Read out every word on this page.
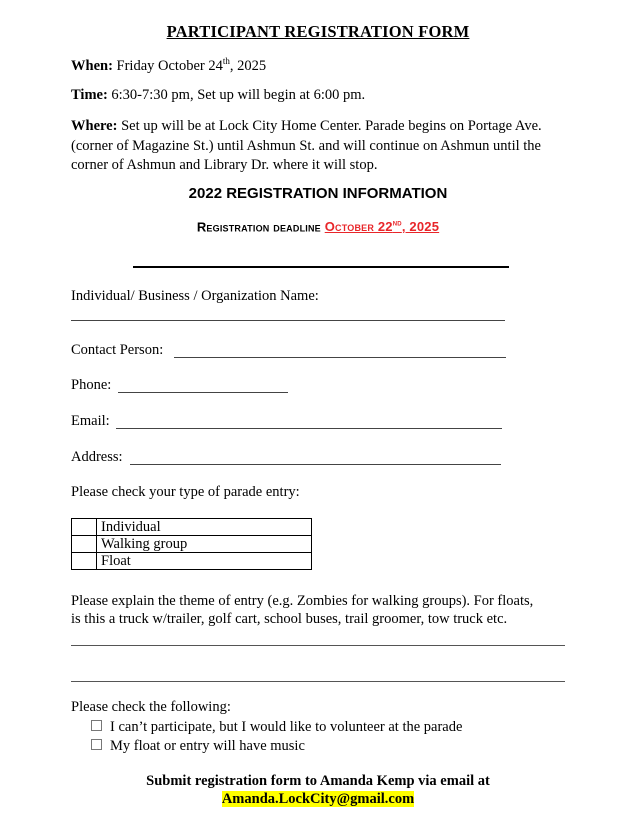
PARTICIPANT REGISTRATION FORM
When: Friday October 24th, 2025
Time: 6:30-7:30 pm, Set up will begin at 6:00 pm.
Where: Set up will be at Lock City Home Center. Parade begins on Portage Ave.
(corner of Magazine St.) until Ashmun St. and will continue on Ashmun until the
corner of Ashmun and Library Dr. where it will stop.
2022 REGISTRATION INFORMATION
Registration deadline October 22nd, 2025
Individual/ Business / Organization Name:
Contact Person:
Phone:
Email:
Address:
Please check your type of parade entry:
	Individual
	Walking group
	Float
Please explain the theme of entry (e.g. Zombies for walking groups). For floats,
is this a truck w/trailer, golf cart, school buses, trail groomer, tow truck etc.
Please check the following:
I can’t participate, but I would like to volunteer at the parade
My float or entry will have music
Submit registration form to Amanda Kemp via email at
Amanda.LockCity@gmail.com
